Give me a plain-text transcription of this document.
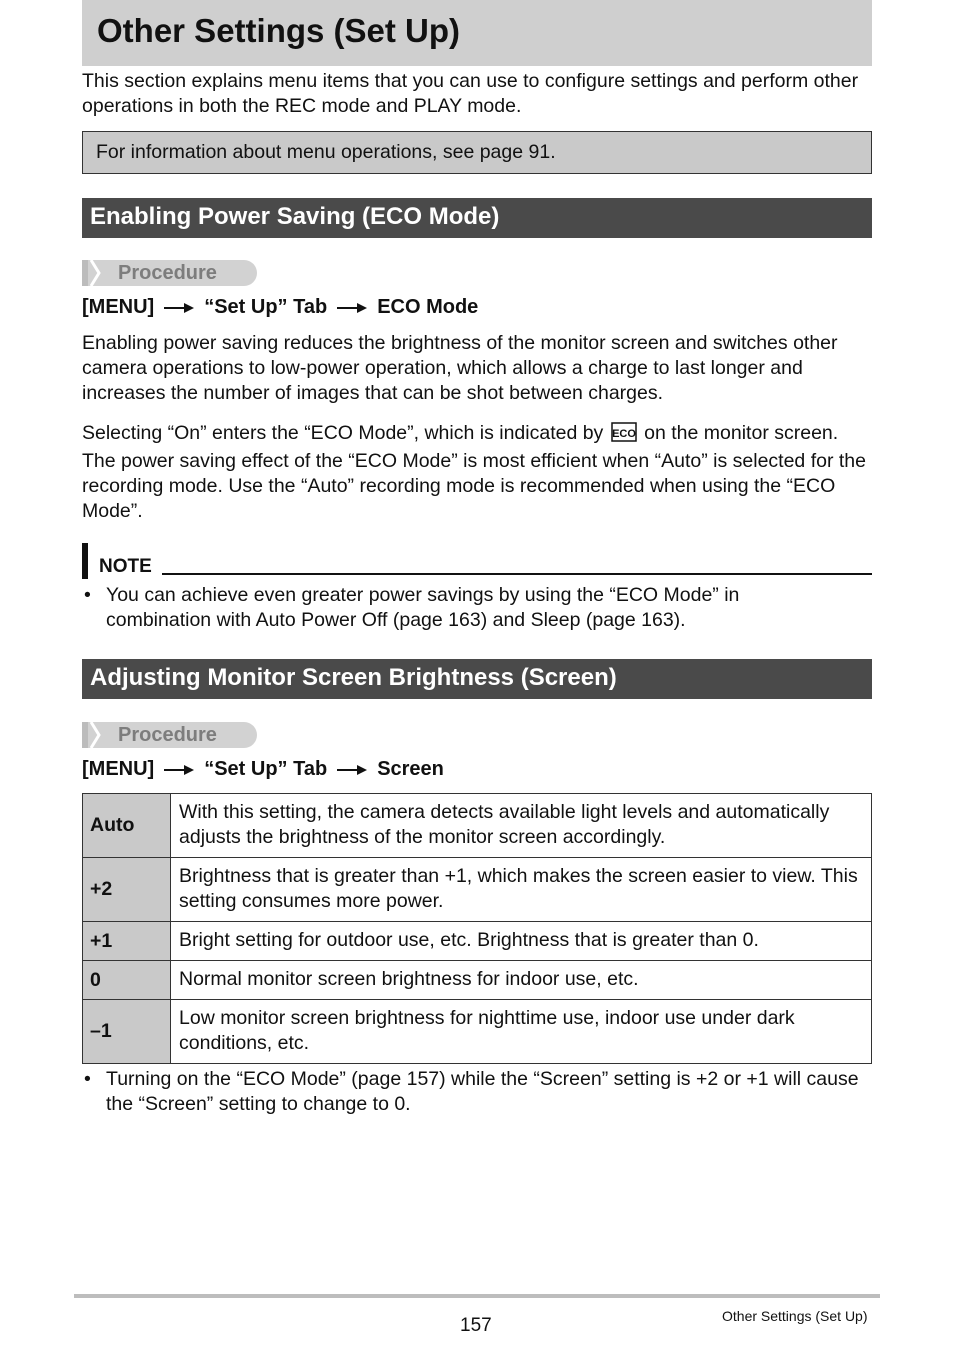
Other Settings (Set Up)
This section explains menu items that you can use to configure settings and perform other operations in both the REC mode and PLAY mode.
For information about menu operations, see page 91.
Enabling Power Saving (ECO Mode)
Procedure
[MENU]	“Set Up” Tab	ECO Mode
Enabling power saving reduces the brightness of the monitor screen and switches other camera operations to low-power operation, which allows a charge to last longer and increases the number of images that can be shot between charges.
Selecting “On” enters the “ECO Mode”, which is indicated by ECO on the monitor screen. The power saving effect of the “ECO Mode” is most efficient when “Auto” is selected for the recording mode. Use the “Auto” recording mode is recommended when using the “ECO Mode”.
NOTE
• You can achieve even greater power savings by using the “ECO Mode” in combination with Auto Power Off (page 163) and Sleep (page 163).
Adjusting Monitor Screen Brightness (Screen)
Procedure
[MENU]	“Set Up” Tab	Screen
Auto	With this setting, the camera detects available light levels and automatically adjusts the brightness of the monitor screen accordingly.
+2	Brightness that is greater than +1, which makes the screen easier to view. This setting consumes more power.
+1	Bright setting for outdoor use, etc. Brightness that is greater than 0.
0	Normal monitor screen brightness for indoor use, etc.
–1	Low monitor screen brightness for nighttime use, indoor use under dark conditions, etc.
• Turning on the “ECO Mode” (page 157) while the “Screen” setting is +2 or +1 will cause the “Screen” setting to change to 0.
157	Other Settings (Set Up)
